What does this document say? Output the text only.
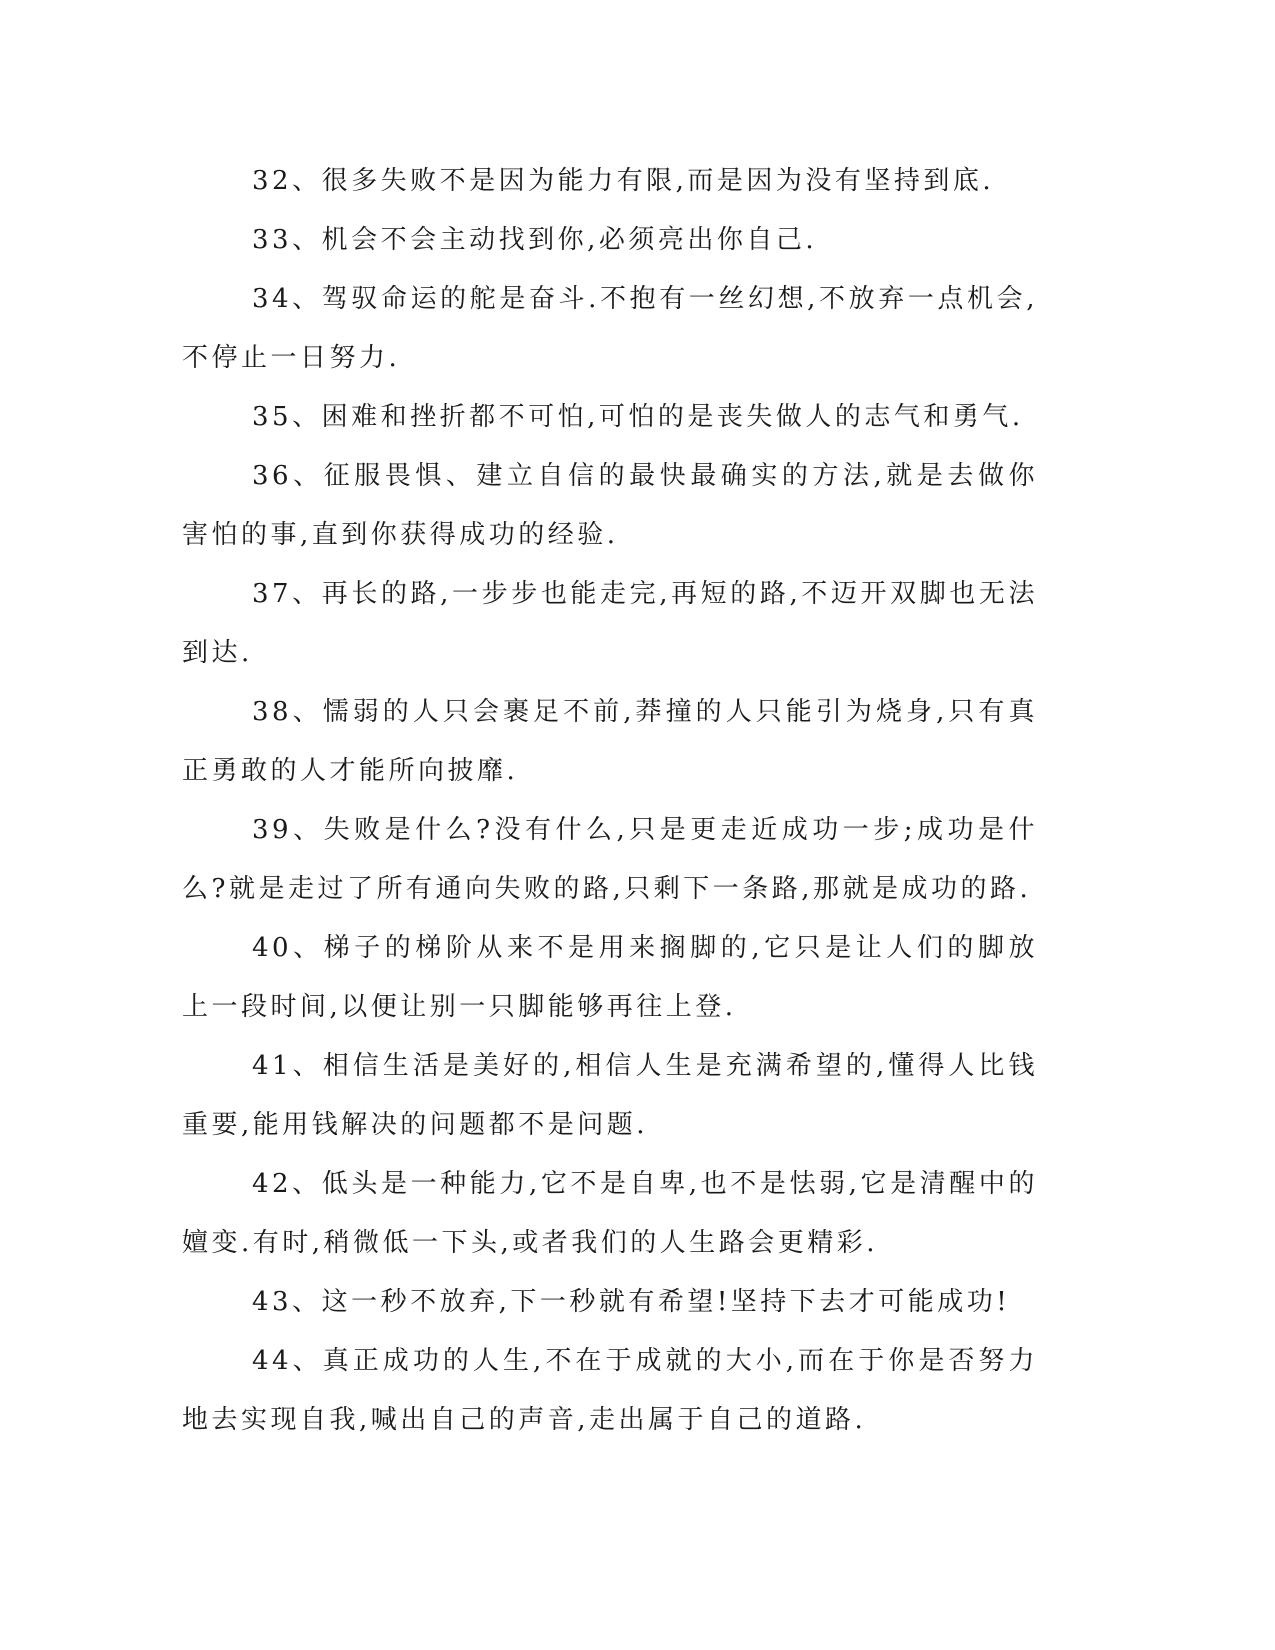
32、很多失败不是因为能力有限,而是因为没有坚持到底.

33、机会不会主动找到你,必须亮出你自己.

34、驾驭命运的舵是奋斗.不抱有一丝幻想,不放弃一点机会,不停止一日努力.

35、困难和挫折都不可怕,可怕的是丧失做人的志气和勇气.

36、征服畏惧、建立自信的最快最确实的方法,就是去做你害怕的事,直到你获得成功的经验.

37、再长的路,一步步也能走完,再短的路,不迈开双脚也无法到达.

38、懦弱的人只会裹足不前,莽撞的人只能引为烧身,只有真正勇敢的人才能所向披靡.

39、失败是什么?没有什么,只是更走近成功一步;成功是什么?就是走过了所有通向失败的路,只剩下一条路,那就是成功的路.

40、梯子的梯阶从来不是用来搁脚的,它只是让人们的脚放上一段时间,以便让别一只脚能够再往上登.

41、相信生活是美好的,相信人生是充满希望的,懂得人比钱重要,能用钱解决的问题都不是问题.

42、低头是一种能力,它不是自卑,也不是怯弱,它是清醒中的嬗变.有时,稍微低一下头,或者我们的人生路会更精彩.

43、这一秒不放弃,下一秒就有希望!坚持下去才可能成功!

44、真正成功的人生,不在于成就的大小,而在于你是否努力地去实现自我,喊出自己的声音,走出属于自己的道路.
